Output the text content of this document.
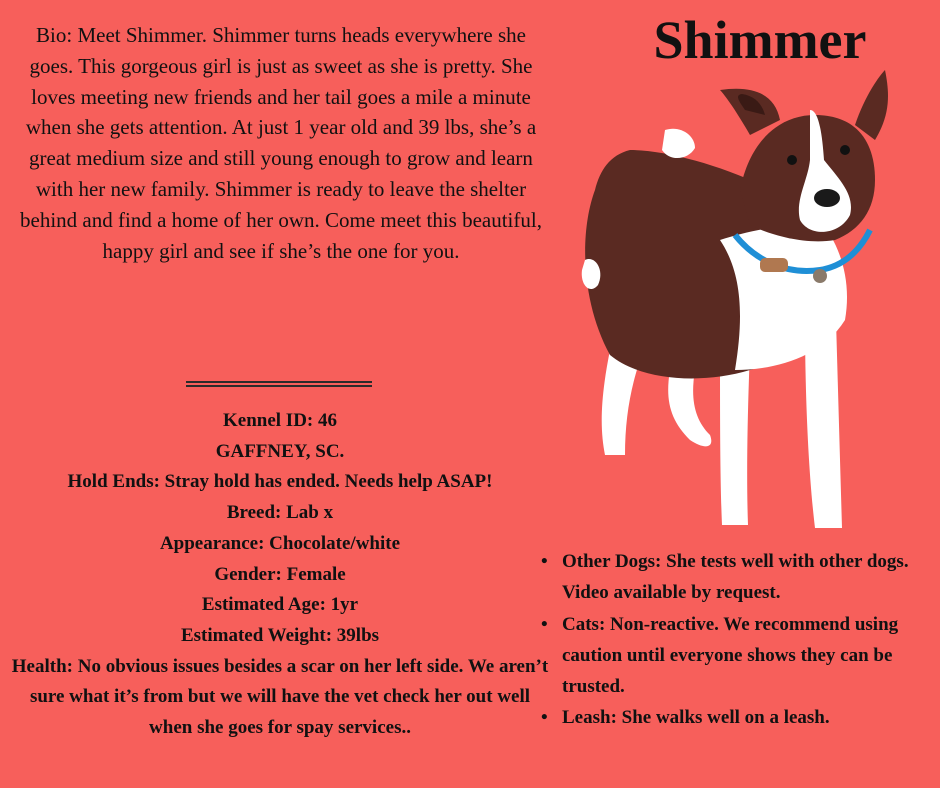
Bio: Meet Shimmer. Shimmer turns heads everywhere she goes. This gorgeous girl is just as sweet as she is pretty. She loves meeting new friends and her tail goes a mile a minute when she gets attention. At just 1 year old and 39 lbs, she’s a great medium size and still young enough to grow and learn with her new family. Shimmer is ready to leave the shelter behind and find a home of her own. Come meet this beautiful, happy girl and see if she’s the one for you.
Kennel ID: 46
GAFFNEY, SC.
Hold Ends: Stray hold has ended. Needs help ASAP!
Breed: Lab x
Appearance: Chocolate/white
Gender: Female
Estimated Age: 1yr
Estimated Weight: 39lbs
Health: No obvious issues besides a scar on her left side. We aren’t sure what it’s from but we will have the vet check her out well when she goes for spay services..
Shimmer
• Other Dogs: She tests well with other dogs. Video available by request.
• Cats: Non-reactive. We recommend using caution until everyone shows they can be trusted.
• Leash: She walks well on a leash.
